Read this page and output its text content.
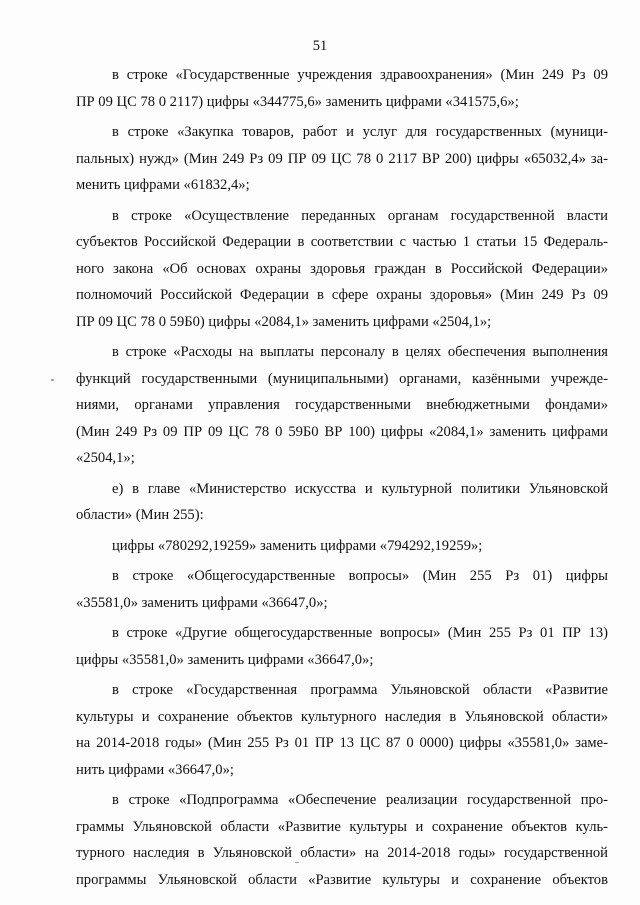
51
в строке «Государственные учреждения здравоохранения» (Мин 249 Рз 09
ПР 09 ЦС 78 0 2117) цифры «344775,6» заменить цифрами «341575,6»;
в строке «Закупка товаров, работ и услуг для государственных (муници-
пальных) нужд» (Мин 249 Рз 09 ПР 09 ЦС 78 0 2117 ВР 200) цифры «65032,4» за-
менить цифрами «61832,4»;
в строке «Осуществление переданных органам государственной власти
субъектов Российской Федерации в соответствии с частью 1 статьи 15 Федераль-
ного закона «Об основах охраны здоровья граждан в Российской Федерации»
полномочий Российской Федерации в сфере охраны здоровья» (Мин 249 Рз 09
ПР 09 ЦС 78 0 59Б0) цифры «2084,1» заменить цифрами «2504,1»;
в строке «Расходы на выплаты персоналу в целях обеспечения выполнения
функций государственными (муниципальными) органами, казёнными учрежде-
ниями, органами управления государственными внебюджетными фондами»
(Мин 249 Рз 09 ПР 09 ЦС 78 0 59Б0 ВР 100) цифры «2084,1» заменить цифрами
«2504,1»;
е) в главе «Министерство искусства и культурной политики Ульяновской
области» (Мин 255):
цифры «780292,19259» заменить цифрами «794292,19259»;
в строке «Общегосударственные вопросы» (Мин 255 Рз 01) цифры
«35581,0» заменить цифрами «36647,0»;
в строке «Другие общегосударственные вопросы» (Мин 255 Рз 01 ПР 13)
цифры «35581,0» заменить цифрами «36647,0»;
в строке «Государственная программа Ульяновской области «Развитие
культуры и сохранение объектов культурного наследия в Ульяновской области»
на 2014-2018 годы» (Мин 255 Рз 01 ПР 13 ЦС 87 0 0000) цифры «35581,0» заме-
нить цифрами «36647,0»;
в строке «Подпрограмма «Обеспечение реализации государственной про-
граммы Ульяновской области «Развитие культуры и сохранение объектов куль-
турного наследия в Ульяновской области» на 2014-2018 годы» государственной
программы Ульяновской области «Развитие культуры и сохранение объектов
